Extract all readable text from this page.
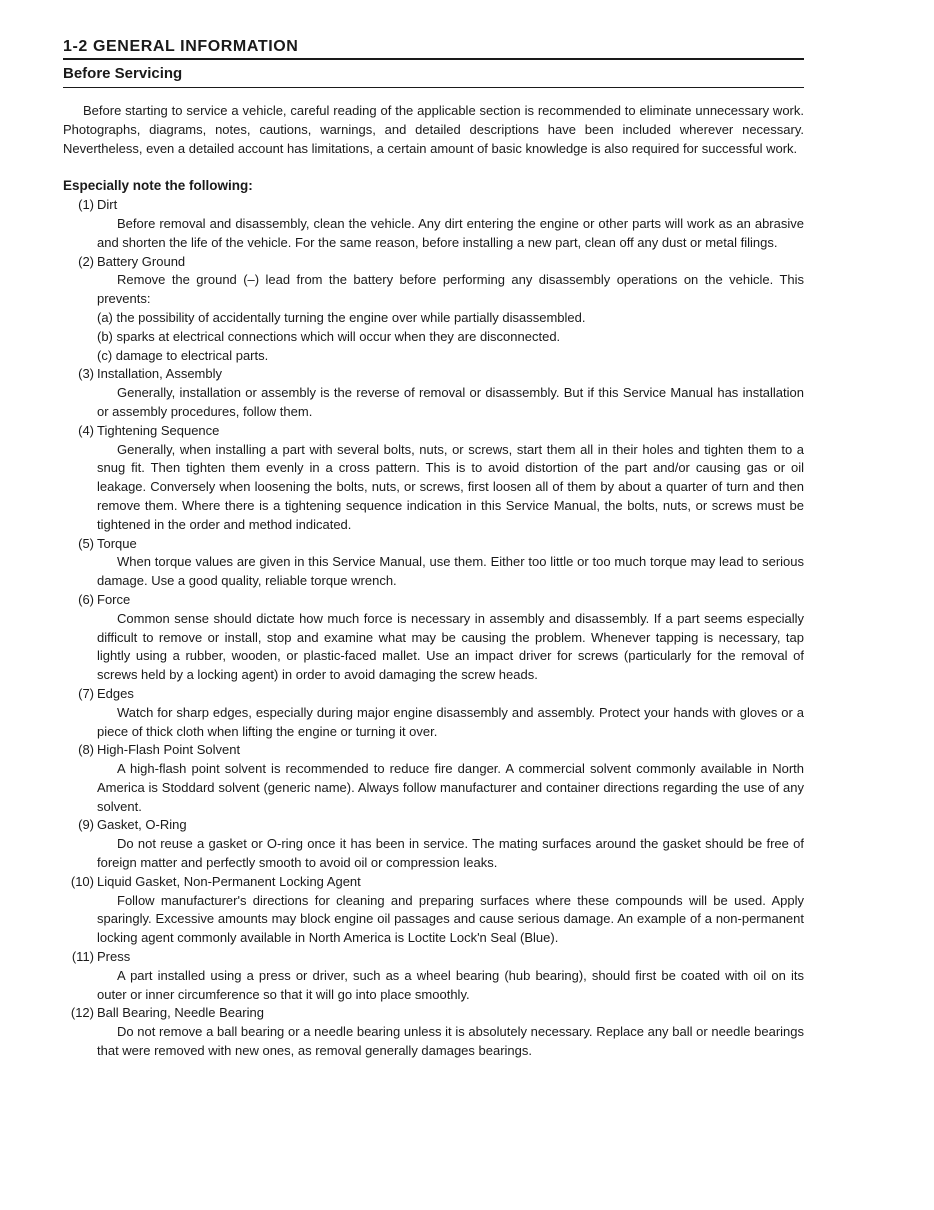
1-2 GENERAL INFORMATION
Before Servicing

Before starting to service a vehicle, careful reading of the applicable section is recommended to eliminate unnecessary work. Photographs, diagrams, notes, cautions, warnings, and detailed descriptions have been included wherever necessary. Nevertheless, even a detailed account has limitations, a certain amount of basic knowledge is also required for successful work.

Especially note the following:
(1) Dirt

Before removal and disassembly, clean the vehicle. Any dirt entering the engine or other parts will work as an abrasive and shorten the life of the vehicle. For the same reason, before installing a new part, clean off any dust or metal filings.

(2) Battery Ground

Remove the ground (–) lead from the battery before performing any disassembly operations on the vehicle. This prevents:

(a) the possibility of accidentally turning the engine over while partially disassembled.
(b) sparks at electrical connections which will occur when they are disconnected.
(c) damage to electrical parts.
(3) Installation, Assembly

Generally, installation or assembly is the reverse of removal or disassembly. But if this Service Manual has installation or assembly procedures, follow them.

(4) Tightening Sequence

Generally, when installing a part with several bolts, nuts, or screws, start them all in their holes and tighten them to a snug fit. Then tighten them evenly in a cross pattern. This is to avoid distortion of the part and/or causing gas or oil leakage. Conversely when loosening the bolts, nuts, or screws, first loosen all of them by about a quarter of turn and then remove them. Where there is a tightening sequence indication in this Service Manual, the bolts, nuts, or screws must be tightened in the order and method indicated.

(5) Torque

When torque values are given in this Service Manual, use them. Either too little or too much torque may lead to serious damage. Use a good quality, reliable torque wrench.

(6) Force

Common sense should dictate how much force is necessary in assembly and disassembly. If a part seems especially difficult to remove or install, stop and examine what may be causing the problem. Whenever tapping is necessary, tap lightly using a rubber, wooden, or plastic-faced mallet. Use an impact driver for screws (particularly for the removal of screws held by a locking agent) in order to avoid damaging the screw heads.

(7) Edges

Watch for sharp edges, especially during major engine disassembly and assembly. Protect your hands with gloves or a piece of thick cloth when lifting the engine or turning it over.

(8) High-Flash Point Solvent

A high-flash point solvent is recommended to reduce fire danger. A commercial solvent commonly available in North America is Stoddard solvent (generic name). Always follow manufacturer and container directions regarding the use of any solvent.

(9) Gasket, O-Ring

Do not reuse a gasket or O-ring once it has been in service. The mating surfaces around the gasket should be free of foreign matter and perfectly smooth to avoid oil or compression leaks.

(10) Liquid Gasket, Non-Permanent Locking Agent

Follow manufacturer's directions for cleaning and preparing surfaces where these compounds will be used. Apply sparingly. Excessive amounts may block engine oil passages and cause serious damage. An example of a non-permanent locking agent commonly available in North America is Loctite Lock'n Seal (Blue).

(11) Press

A part installed using a press or driver, such as a wheel bearing (hub bearing), should first be coated with oil on its outer or inner circumference so that it will go into place smoothly.

(12) Ball Bearing, Needle Bearing

Do not remove a ball bearing or a needle bearing unless it is absolutely necessary. Replace any ball or needle bearings that were removed with new ones, as removal generally damages bearings.
